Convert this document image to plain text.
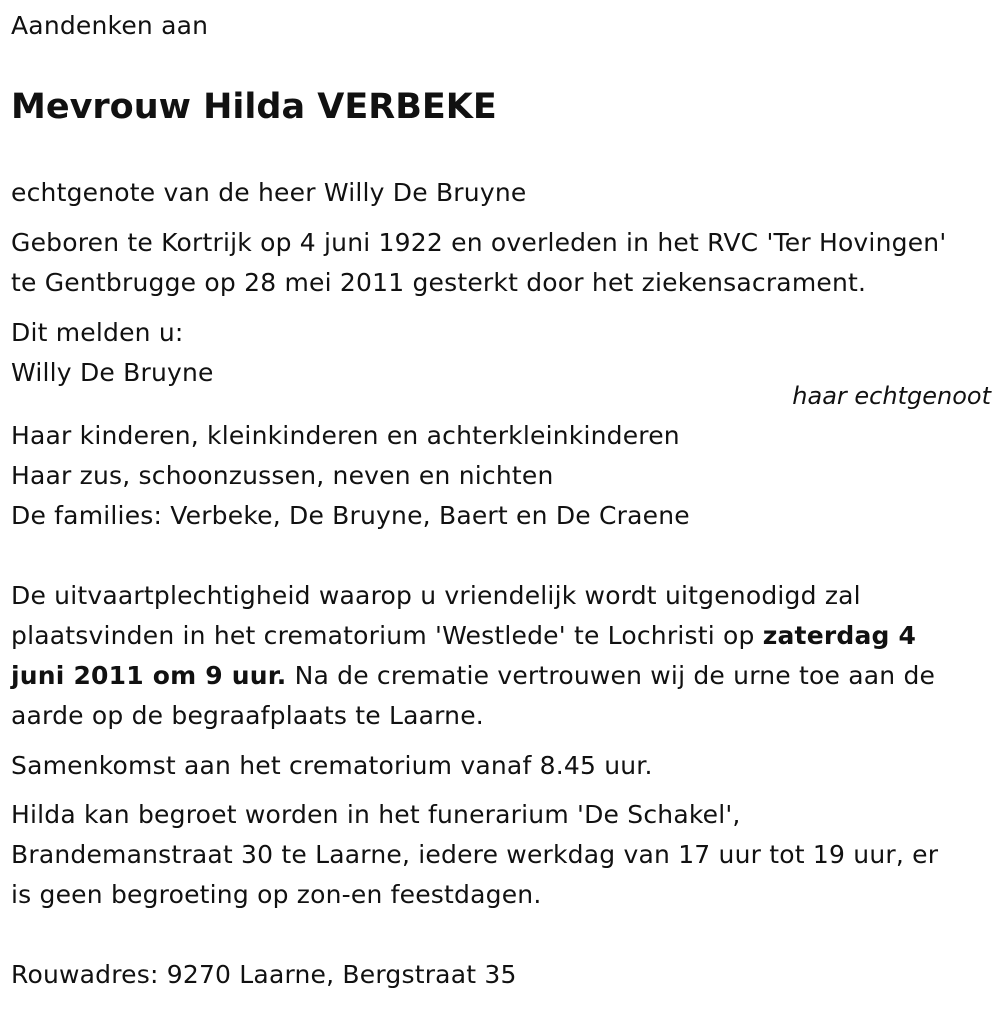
Aandenken aan
Mevrouw Hilda VERBEKE
echtgenote van de heer Willy De Bruyne
Geboren te Kortrijk op 4 juni 1922 en overleden in het RVC 'Ter Hovingen'
te Gentbrugge op 28 mei 2011 gesterkt door het ziekensacrament.
Dit melden u:
Willy De Bruyne
haar echtgenoot
Haar kinderen, kleinkinderen en achterkleinkinderen
Haar zus, schoonzussen, neven en nichten
De families: Verbeke, De Bruyne, Baert en De Craene
De uitvaartplechtigheid waarop u vriendelijk wordt uitgenodigd zal
plaatsvinden in het crematorium 'Westlede' te Lochristi op zaterdag 4
juni 2011 om 9 uur. Na de crematie vertrouwen wij de urne toe aan de
aarde op de begraafplaats te Laarne.
Samenkomst aan het crematorium vanaf 8.45 uur.
Hilda kan begroet worden in het funerarium 'De Schakel',
Brandemanstraat 30 te Laarne, iedere werkdag van 17 uur tot 19 uur, er
is geen begroeting op zon-en feestdagen.
Rouwadres: 9270 Laarne, Bergstraat 35
